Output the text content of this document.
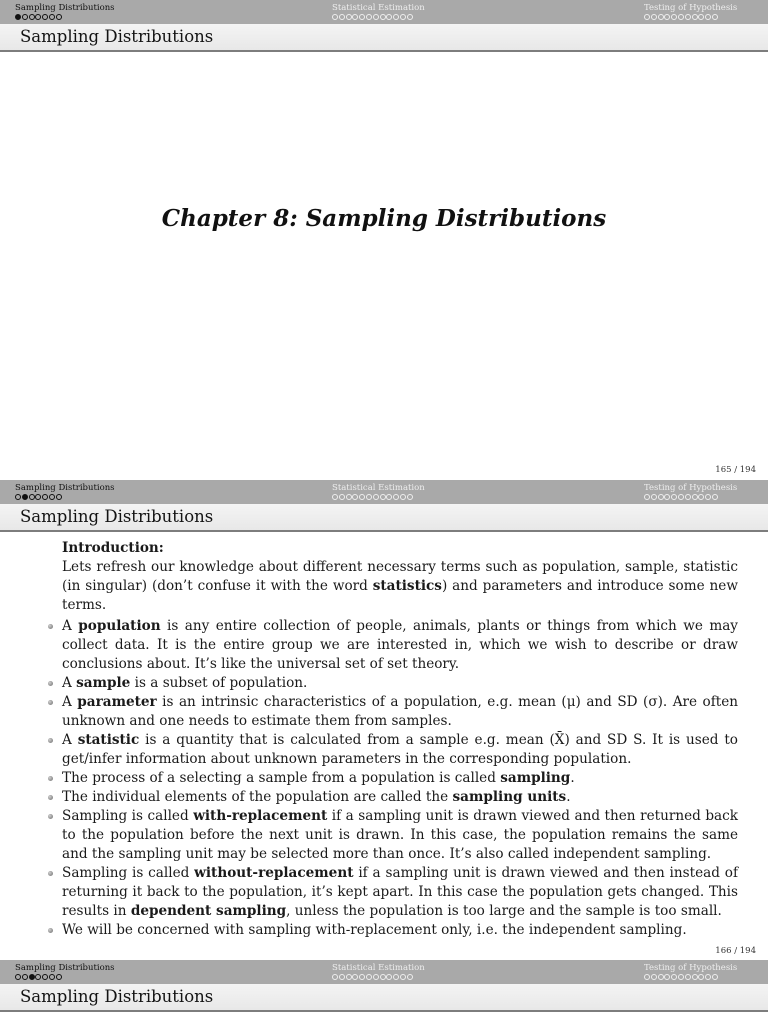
Sampling Distributions	Statistical Estimation	Testing of Hypothesis
Sampling Distributions
Chapter 8: Sampling Distributions
165 / 194
Sampling Distributions	Statistical Estimation	Testing of Hypothesis
Sampling Distributions
Introduction:

Lets refresh our knowledge about different necessary terms such as population, sample, statistic (in singular) (don’t confuse it with the word statistics) and parameters and introduce some new terms.

A population is any entire collection of people, animals, plants or things from which we may collect data. It is the entire group we are interested in, which we wish to describe or draw conclusions about. It’s like the universal set of set theory.
A sample is a subset of population.
A parameter is an intrinsic characteristics of a population, e.g. mean (μ) and SD (σ). Are often unknown and one needs to estimate them from samples.
A statistic is a quantity that is calculated from a sample e.g. mean (X̄) and SD S. It is used to get/infer information about unknown parameters in the corresponding population.
The process of a selecting a sample from a population is called sampling.
The individual elements of the population are called the sampling units.
Sampling is called with-replacement if a sampling unit is drawn viewed and then returned back to the population before the next unit is drawn. In this case, the population remains the same and the sampling unit may be selected more than once. It’s also called independent sampling.
Sampling is called without-replacement if a sampling unit is drawn viewed and then instead of returning it back to the population, it’s kept apart. In this case the population gets changed. This results in dependent sampling, unless the population is too large and the sample is too small.
We will be concerned with sampling with-replacement only, i.e. the independent sampling.
166 / 194
Sampling Distributions	Statistical Estimation	Testing of Hypothesis
Sampling Distributions
